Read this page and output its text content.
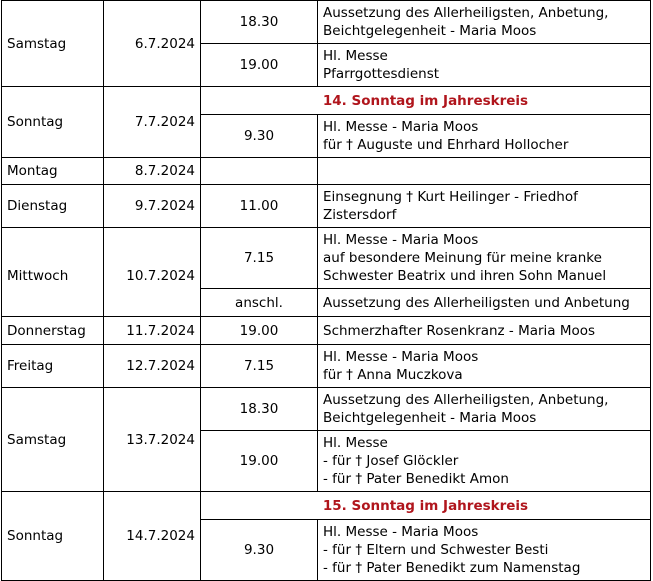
Samstag	6.7.2024	18.30	Aussetzung des Allerheiligsten, Anbetung,
Beichtgelegenheit - Maria Moos

		19.00	Hl. Messe
Pfarrgottesdienst

Sonntag	7.7.2024	14. Sonntag im Jahreskreis	
		9.30	Hl. Messe - Maria Moos
für † Auguste und Ehrhard Hollocher

Montag	8.7.2024		
Dienstag	9.7.2024	11.00	Einsegnung † Kurt Heilinger - Friedhof
Zistersdorf

Mittwoch	10.7.2024	7.15	Hl. Messe - Maria Moos
auf besondere Meinung für meine kranke
Schwester Beatrix und ihren Sohn Manuel

		anschl.	Aussetzung des Allerheiligsten und Anbetung
Donnerstag	11.7.2024	19.00	Schmerzhafter Rosenkranz - Maria Moos
Freitag	12.7.2024	7.15	Hl. Messe - Maria Moos
für † Anna Muczkova

Samstag	13.7.2024	18.30	Aussetzung des Allerheiligsten, Anbetung,
Beichtgelegenheit - Maria Moos

		19.00	Hl. Messe
- für † Josef Glöckler
- für † Pater Benedikt Amon

Sonntag	14.7.2024	15. Sonntag im Jahreskreis	
		9.30	Hl. Messe - Maria Moos
- für † Eltern und Schwester Besti
- für † Pater Benedikt zum Namenstag
